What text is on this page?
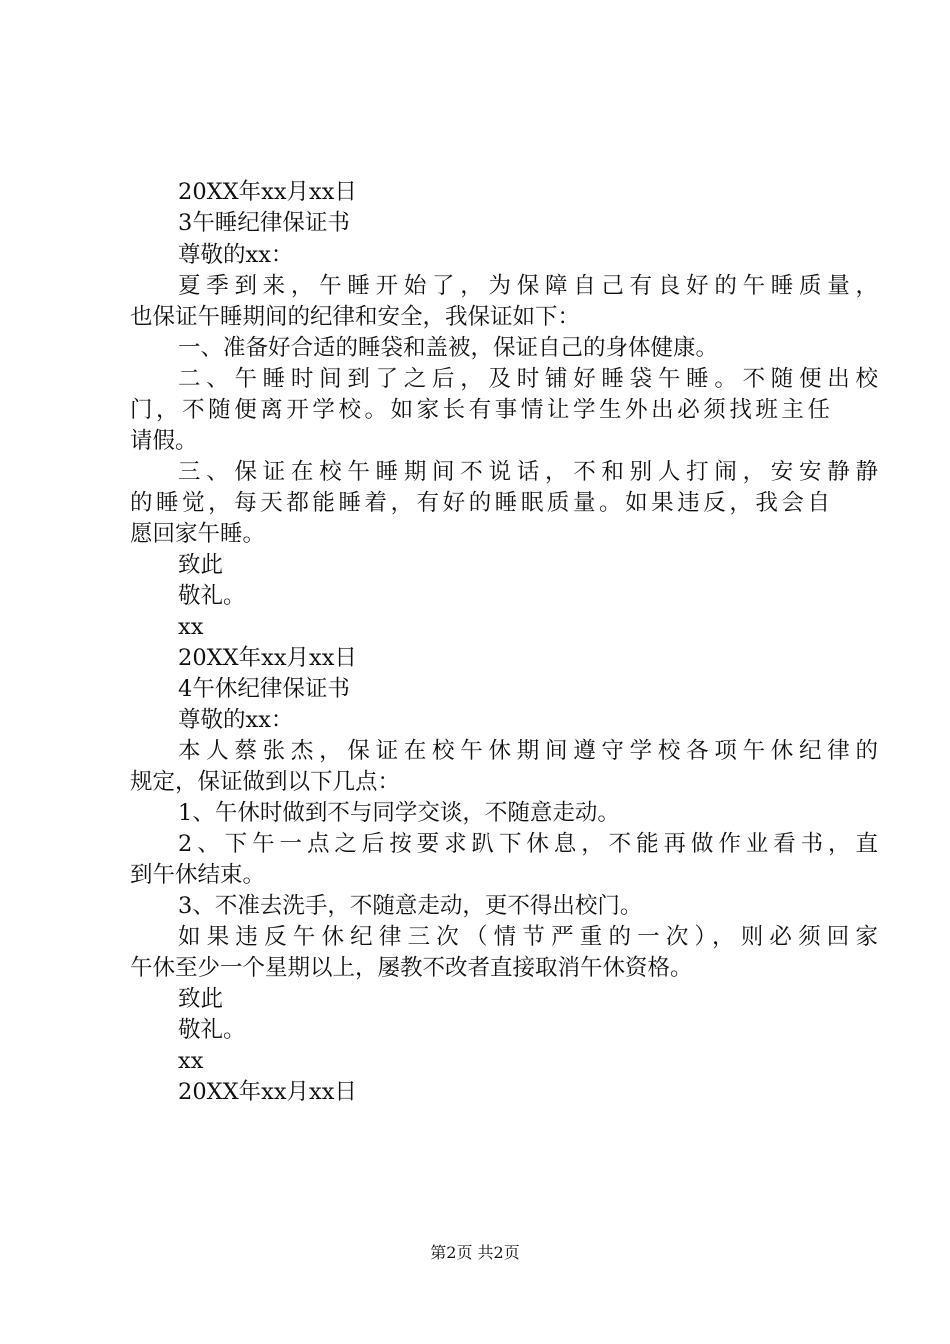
20XX年xx月xx日
3午睡纪律保证书
尊敬的xx：
夏季到来，午睡开始了，为保障自己有良好的午睡质量，
也保证午睡期间的纪律和安全，我保证如下：
一、准备好合适的睡袋和盖被，保证自己的身体健康。
二、午睡时间到了之后，及时铺好睡袋午睡。不随便出校
门，不随便离开学校。如家长有事情让学生外出必须找班主任
请假。
三、保证在校午睡期间不说话，不和别人打闹，安安静静
的睡觉，每天都能睡着，有好的睡眠质量。如果违反，我会自
愿回家午睡。
致此
敬礼。
xx
20XX年xx月xx日
4午休纪律保证书
尊敬的xx：
本人蔡张杰，保证在校午休期间遵守学校各项午休纪律的
规定，保证做到以下几点：
1、午休时做到不与同学交谈，不随意走动。
2、下午一点之后按要求趴下休息，不能再做作业看书，直
到午休结束。
3、不准去洗手，不随意走动，更不得出校门。
如果违反午休纪律三次（情节严重的一次），则必须回家
午休至少一个星期以上，屡教不改者直接取消午休资格。
致此
敬礼。
xx
20XX年xx月xx日
第2页 共2页
